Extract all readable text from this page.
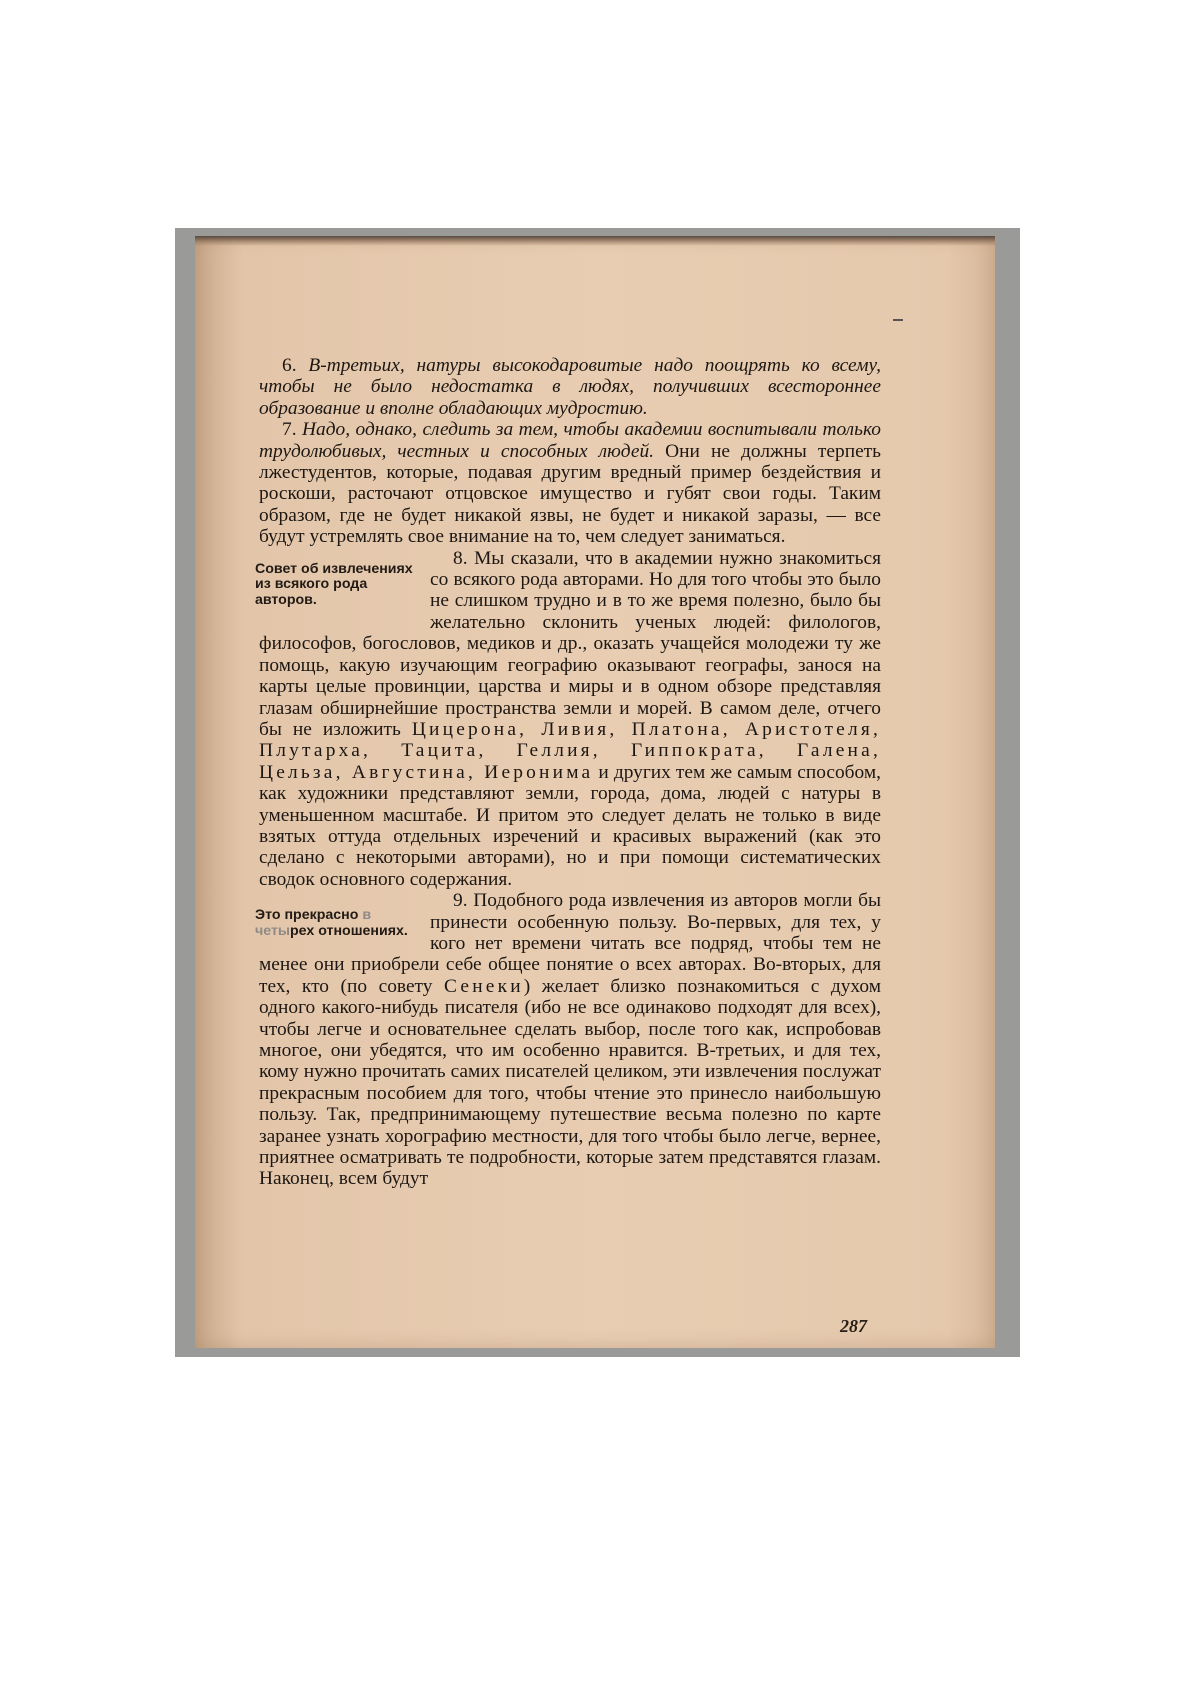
6. В-третьих, натуры высокодаровитые надо поощрять ко всему, чтобы не было недостатка в людях, получивших всестороннее образование и вполне обладающих мудростию.

7. Надо, однако, следить за тем, чтобы академии воспитывали только трудолюбивых, честных и способных людей. Они не должны терпеть лжестудентов, которые, подавая другим вредный пример бездействия и роскоши, расточают отцовское имущество и губят свои годы. Таким образом, где не будет никакой язвы, не будет и никакой заразы, — все будут устремлять свое внимание на то, чем следует заниматься.

Совет об извлечениях из всякого рода авторов.
8. Мы сказали, что в академии нужно знакомиться со всякого рода авторами. Но для того чтобы это было не слишком трудно и в то же время полезно, было бы желательно склонить ученых людей: филологов, философов, богословов, медиков и др., оказать учащейся молодежи ту же помощь, какую изучающим географию оказывают географы, занося на карты целые провинции, царства и миры и в одном обзоре представляя глазам обширнейшие пространства земли и морей. В самом деле, отчего бы не изложить Цицерона, Ливия, Платона, Аристотеля, Плутарха, Тацита, Геллия, Гиппократа, Галена, Цельза, Августина, Иеронима и других тем же самым способом, как художники представляют земли, города, дома, людей с натуры в уменьшенном масштабе. И притом это следует делать не только в виде взятых оттуда отдельных изречений и красивых выражений (как это сделано с некоторыми авторами), но и при помощи систематических сводок основного содержания.

Это прекрасно в четырех отношениях.
9. Подобного рода извлечения из авторов могли бы принести особенную пользу. Во-первых, для тех, у кого нет времени читать все подряд, чтобы тем не менее они приобрели себе общее понятие о всех авторах. Во-вторых, для тех, кто (по совету Сенеки) желает близко познакомиться с духом одного какого-нибудь писателя (ибо не все одинаково подходят для всех), чтобы легче и основательнее сделать выбор, после того как, испробовав многое, они убедятся, что им особенно нравится. В-третьих, и для тех, кому нужно прочитать самих писателей целиком, эти извлечения послужат прекрасным пособием для того, чтобы чтение это принесло наибольшую пользу. Так, предпринимающему путешествие весьма полезно по карте заранее узнать хорографию местности, для того чтобы было легче, вернее, приятнее осматривать те подробности, которые затем представятся глазам. Наконец, всем будут

287
